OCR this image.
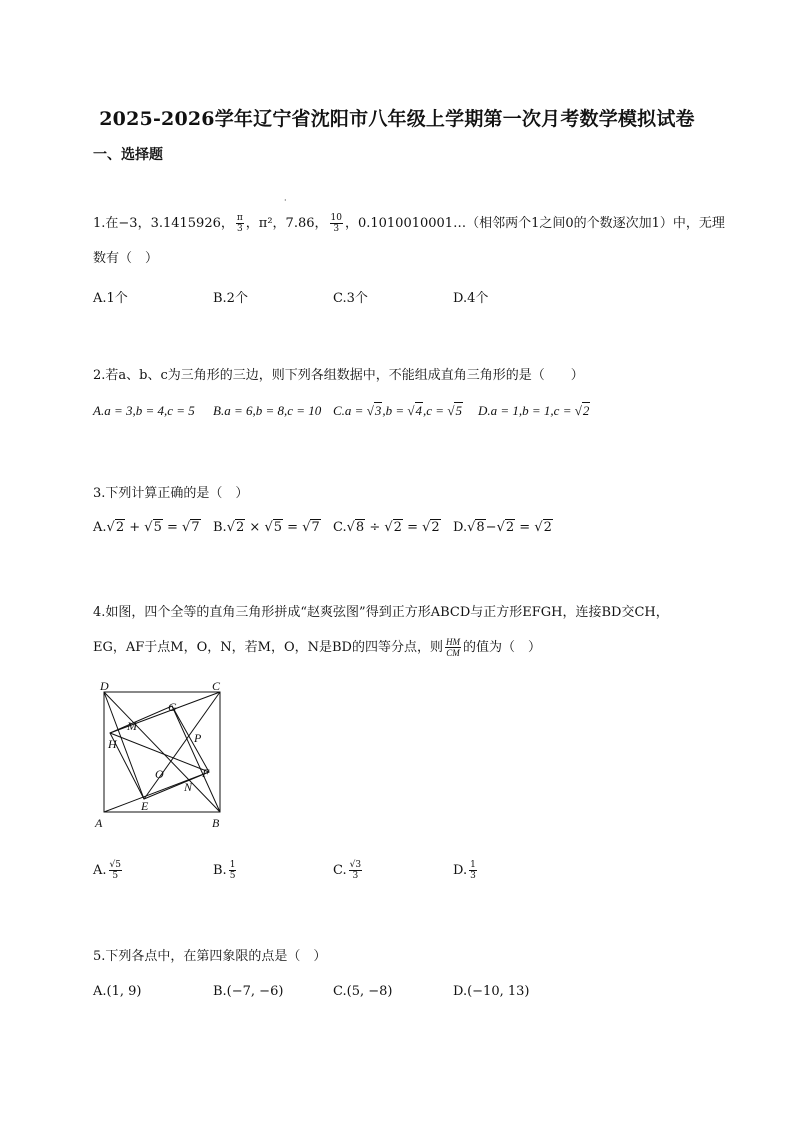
2025-2026学年辽宁省沈阳市八年级上学期第一次月考数学模拟试卷
一、选择题
·
1.在−3，3.1415926， $\frac{\pi}{3}$ ，π²，7.86， $\frac{10}{3}$ ，0.1010010001…（相邻两个1之间0的个数逐次加1）中，无理
数有（　）
A.1个	B.2个	C.3个	D.4个
2.若a、b、c为三角形的三边，则下列各组数据中，不能组成直角三角形的是（　　）
A.a = 3,b = 4,c = 5 B.a = 6,b = 8,c = 10 C.a = √3,b = √4,c = √5 D.a = 1,b = 1,c = √2
3.下列计算正确的是（　）
A.√2 + √5 = √7 B.√2 × √5 = √7 C.√8 ÷ √2 = √2 D.√8−√2 = √2
4.如图，四个全等的直角三角形拼成“赵爽弦图”得到正方形ABCD与正方形EFGH，连接BD交CH，
EG，AF于点M，O，N，若M，O，N是BD的四等分点，则 $\frac{HM}{CM}$ 的值为（　）
D	C
A	B
G
H
M
P
O	F
N
E
A. $\frac{√5}{5}$	B. $\frac{1}{5}$	C. $\frac{√3}{3}$	D. $\frac{1}{3}$
5.下列各点中，在第四象限的点是（　）
A.(1, 9)	B.(−7, −6)	C.(5, −8)	D.(−10, 13)
